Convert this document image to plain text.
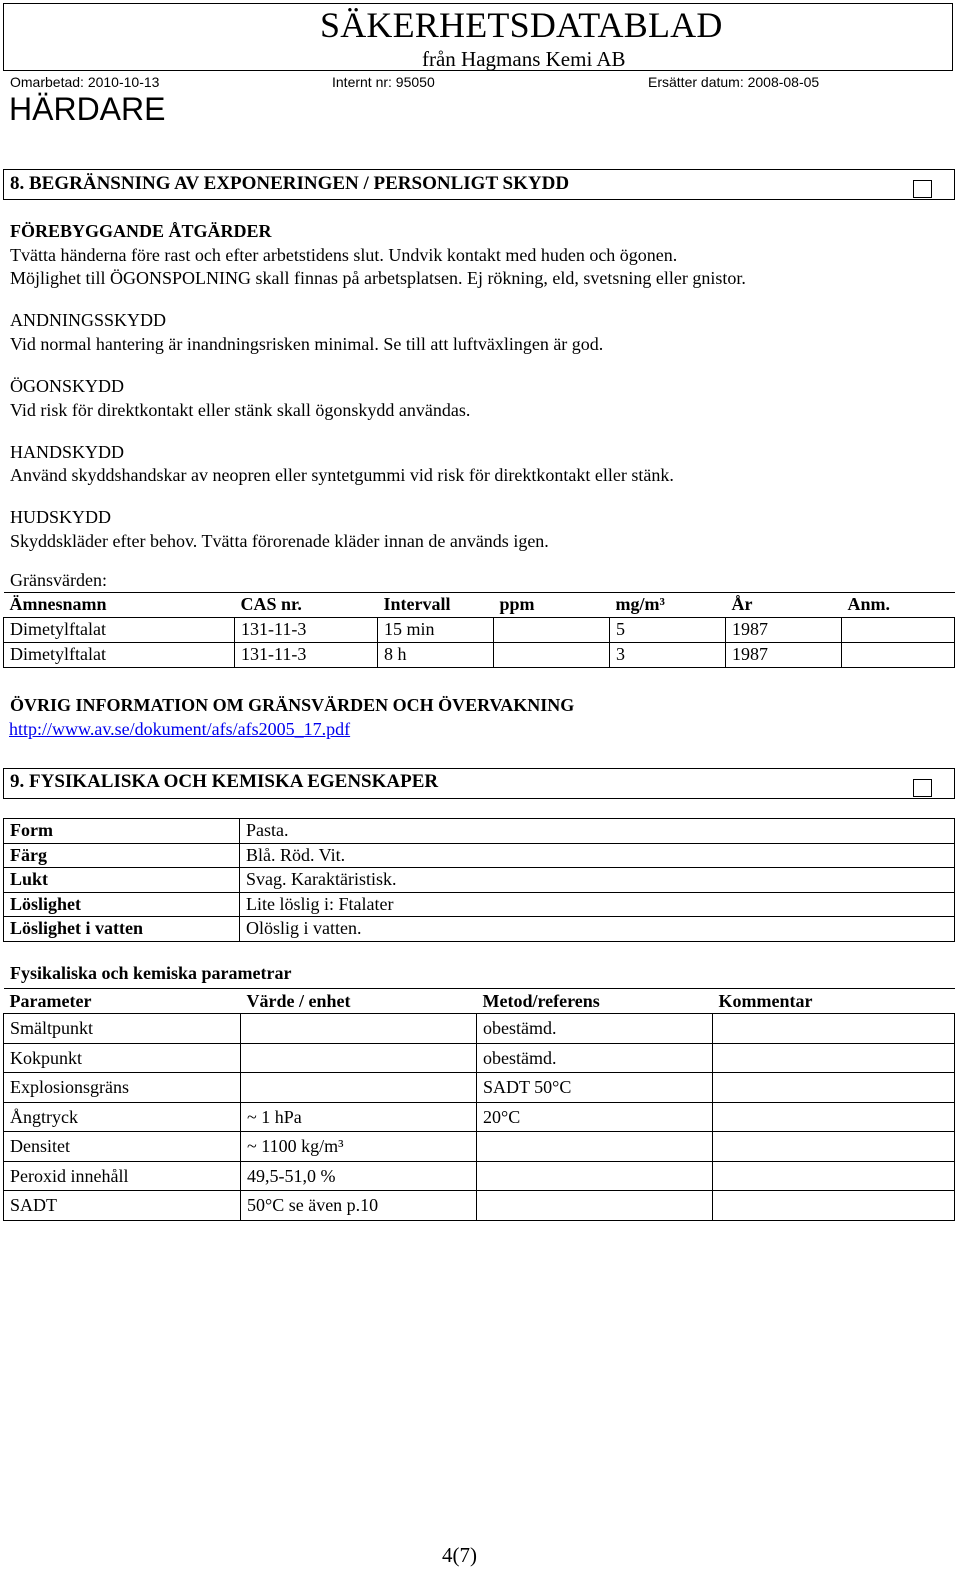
SÄKERHETSDATABLAD
från Hagmans Kemi AB
Omarbetad: 2010-10-13	Internt nr: 95050	Ersätter datum: 2008-08-05
HÄRDARE
8. BEGRÄNSNING AV EXPONERINGEN / PERSONLIGT SKYDD
FÖREBYGGANDE ÅTGÄRDER
Tvätta händerna före rast och efter arbetstidens slut. Undvik kontakt med huden och ögonen.
Möjlighet till ÖGONSPOLNING skall finnas på arbetsplatsen. Ej rökning, eld, svetsning eller gnistor.
ANDNINGSSKYDD
Vid normal hantering är inandningsrisken minimal. Se till att luftväxlingen är god.
ÖGONSKYDD
Vid risk för direktkontakt eller stänk skall ögonskydd användas.
HANDSKYDD
Använd skyddshandskar av neopren eller syntetgummi vid risk för direktkontakt eller stänk.
HUDSKYDD
Skyddskläder efter behov. Tvätta förorenade kläder innan de används igen.
Gränsvärden:
Ämnesnamn	CAS nr.	Intervall	ppm	mg/m³	År	Anm.
Dimetylftalat	131-11-3	15 min		5	1987	
Dimetylftalat	131-11-3	8 h		3	1987	
ÖVRIG INFORMATION OM GRÄNSVÄRDEN OCH ÖVERVAKNING
http://www.av.se/dokument/afs/afs2005_17.pdf
9. FYSIKALISKA OCH KEMISKA EGENSKAPER
Form	Pasta.
Färg	Blå. Röd. Vit.
Lukt	Svag. Karaktäristisk.
Löslighet	Lite löslig i: Ftalater
Löslighet i vatten	Olöslig i vatten.
Fysikaliska och kemiska parametrar
Parameter	Värde / enhet	Metod/referens	Kommentar
Smältpunkt		obestämd.	
Kokpunkt		obestämd.	
Explosionsgräns		SADT 50°C	
Ångtryck	~ 1 hPa	20°C	
Densitet	~ 1100 kg/m³		
Peroxid innehåll	49,5-51,0 %		
SADT	50°C se även p.10		
4(7)
